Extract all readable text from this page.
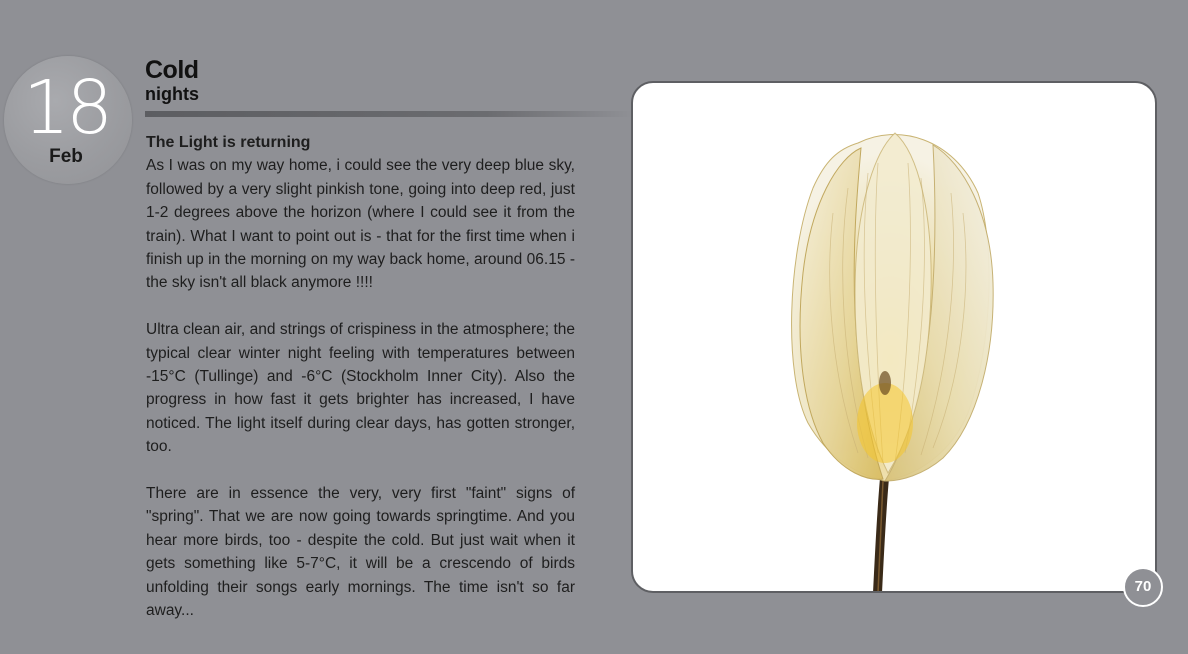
18
Feb
Cold
nights
The Light is returning

As I was on my way home, i could see the very deep blue sky, followed by a very slight pinkish tone, going into deep red, just 1-2 degrees above the horizon (where I could see it from the train). What I want to point out is - that for the first time when i finish up in the morning on my way back home, around 06.15 - the sky isn't all black anymore !!!!

Ultra clean air, and strings of crispiness in the atmosphere; the typical clear winter night feeling with temperatures between -15°C (Tullinge) and -6°C (Stockholm Inner City). Also the progress in how fast it gets brighter has increased, I have noticed. The light itself during clear days, has gotten stronger, too.

There are in essence the very, very first "faint" signs of "spring". That we are now going towards springtime. And you hear more birds, too - despite the cold. But just wait when it gets something like 5-7°C, it will be a crescendo of birds unfolding their songs early mornings. The time isn't so far away...

70
